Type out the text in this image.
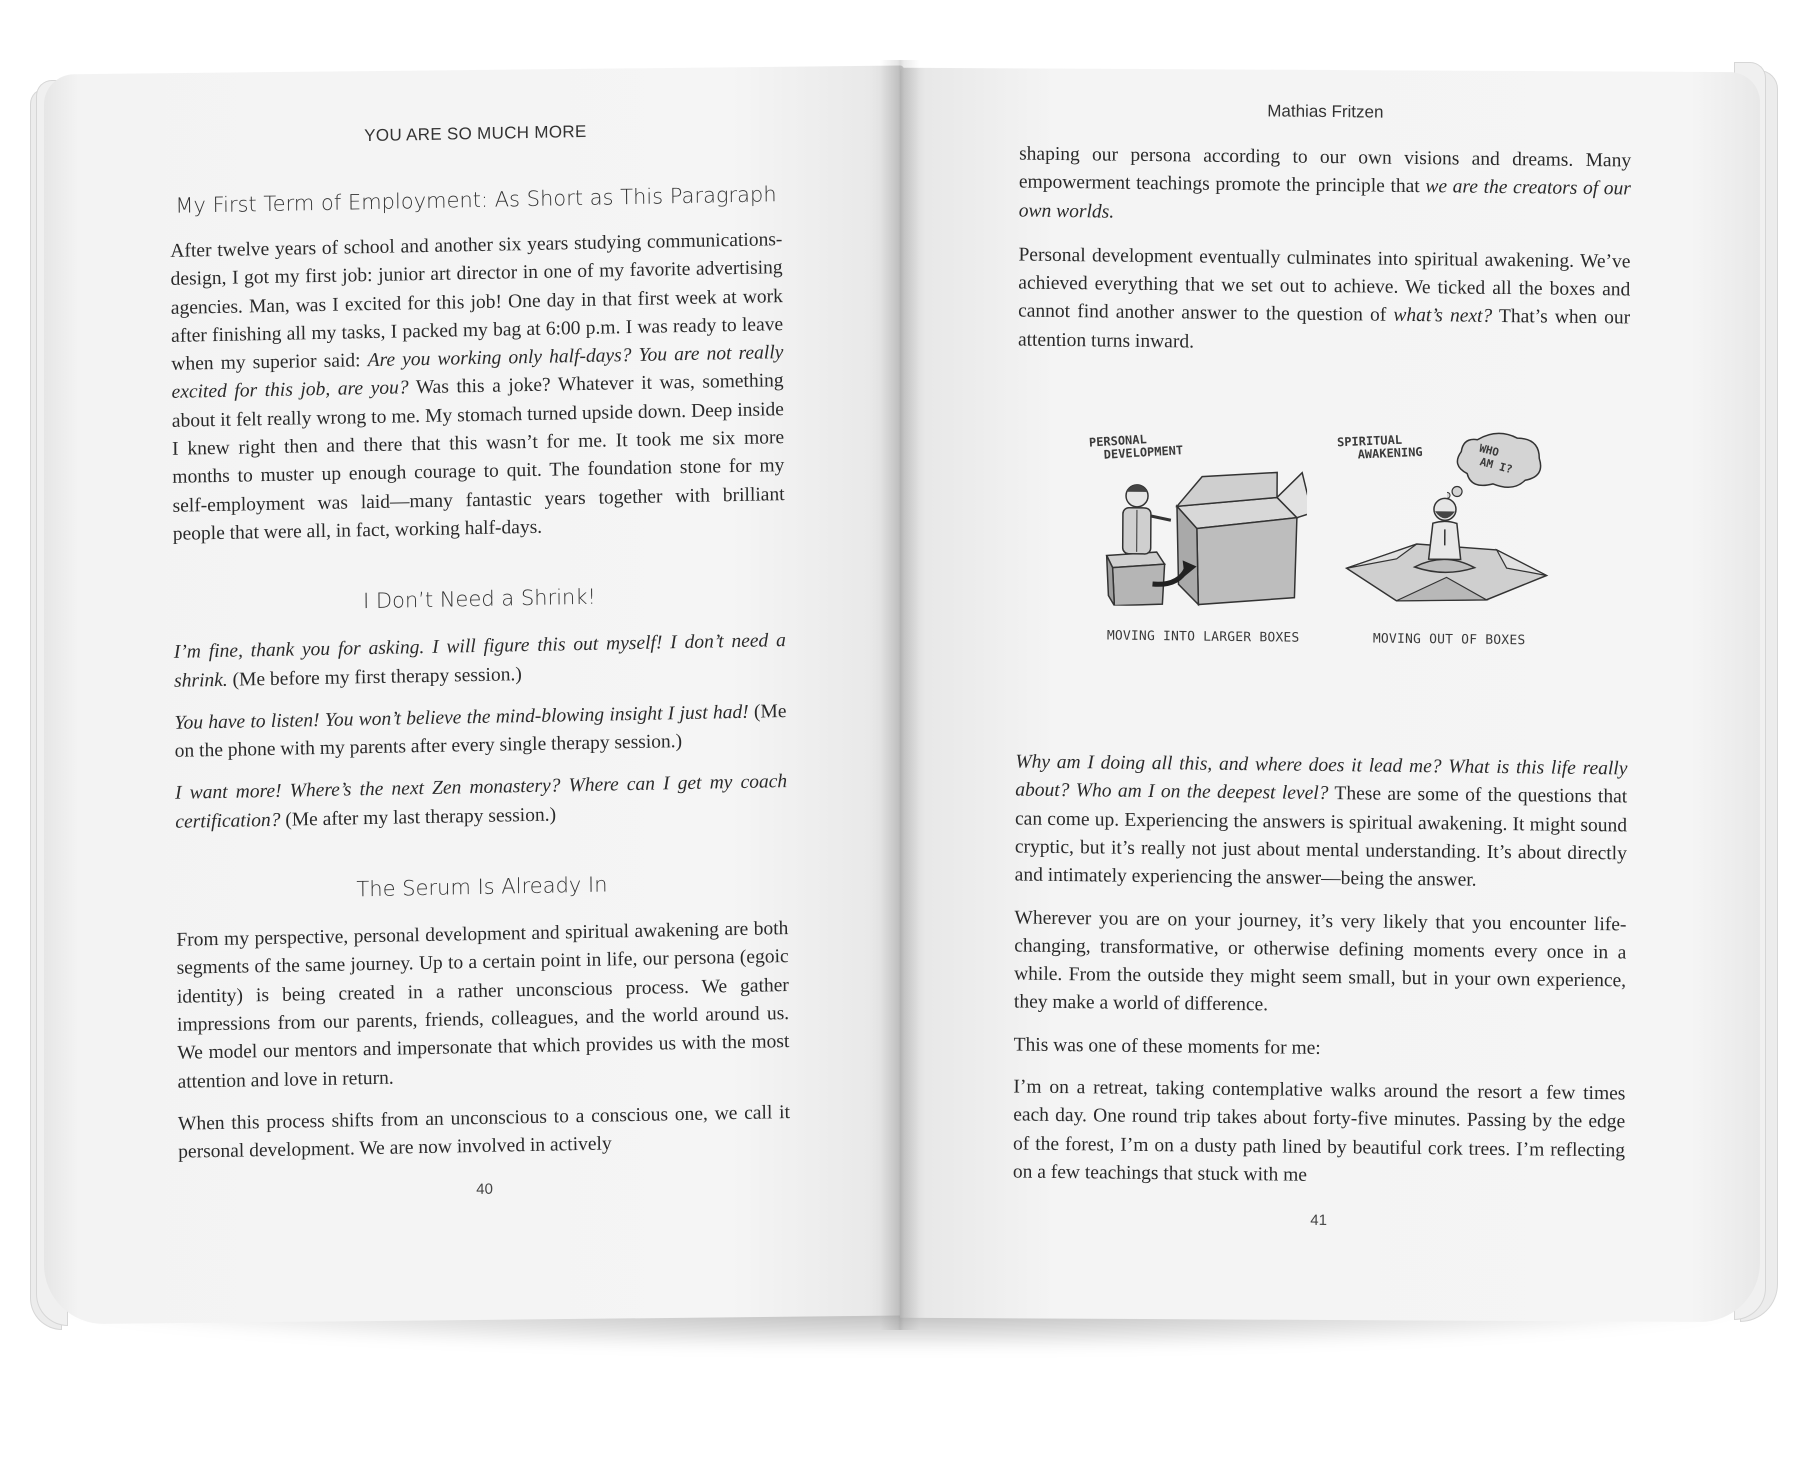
YOU ARE SO MUCH MORE
My First Term of Employment: As Short as This Paragraph

After twelve years of school and another six years studying communications-design, I got my first job: junior art director in one of my favorite advertising agencies. Man, was I excited for this job! One day in that first week at work after finishing all my tasks, I packed my bag at 6:00 p.m. I was ready to leave when my superior said: Are you working only half-days? You are not really excited for this job, are you? Was this a joke? Whatever it was, something about it felt really wrong to me. My stomach turned upside down. Deep inside I knew right then and there that this wasn’t for me. It took me six more months to muster up enough courage to quit. The foundation stone for my self-employment was laid—many fantastic years together with brilliant people that were all, in fact, working half-days.

I Don’t Need a Shrink!

I’m fine, thank you for asking. I will figure this out myself! I don’t need a shrink. (Me before my first therapy session.)

You have to listen! You won’t believe the mind-blowing insight I just had! (Me on the phone with my parents after every single therapy session.)

I want more! Where’s the next Zen monastery? Where can I get my coach certification? (Me after my last therapy session.)

The Serum Is Already In

From my perspective, personal development and spiritual awakening are both segments of the same journey. Up to a certain point in life, our persona (egoic identity) is being created in a rather unconscious process. We gather impressions from our parents, friends, colleagues, and the world around us. We model our mentors and impersonate that which provides us with the most attention and love in return.

When this process shifts from an unconscious to a conscious one, we call it personal development. We are now involved in actively

40
Mathias Fritzen

shaping our persona according to our own visions and dreams. Many empowerment teachings promote the principle that we are the creators of our own worlds.

Personal development eventually culminates into spiritual awakening. We’ve achieved everything that we set out to achieve. We ticked all the boxes and cannot find another answer to the question of what’s next? That’s when our attention turns inward.

PERSONAL
DEVELOPMENT
MOVING INTO LARGER BOXES
SPIRITUAL
AWAKENING	WHO
AM I?
MOVING OUT OF BOXES

Why am I doing all this, and where does it lead me? What is this life really about? Who am I on the deepest level? These are some of the questions that can come up. Experiencing the answers is spiritual awakening. It might sound cryptic, but it’s really not just about mental understanding. It’s about directly and intimately experiencing the answer—being the answer.

Wherever you are on your journey, it’s very likely that you encounter life-changing, transformative, or otherwise defining moments every once in a while. From the outside they might seem small, but in your own experience, they make a world of difference.

This was one of these moments for me:

I’m on a retreat, taking contemplative walks around the resort a few times each day. One round trip takes about forty-five minutes. Passing by the edge of the forest, I’m on a dusty path lined by beautiful cork trees. I’m reflecting on a few teachings that stuck with me

41
